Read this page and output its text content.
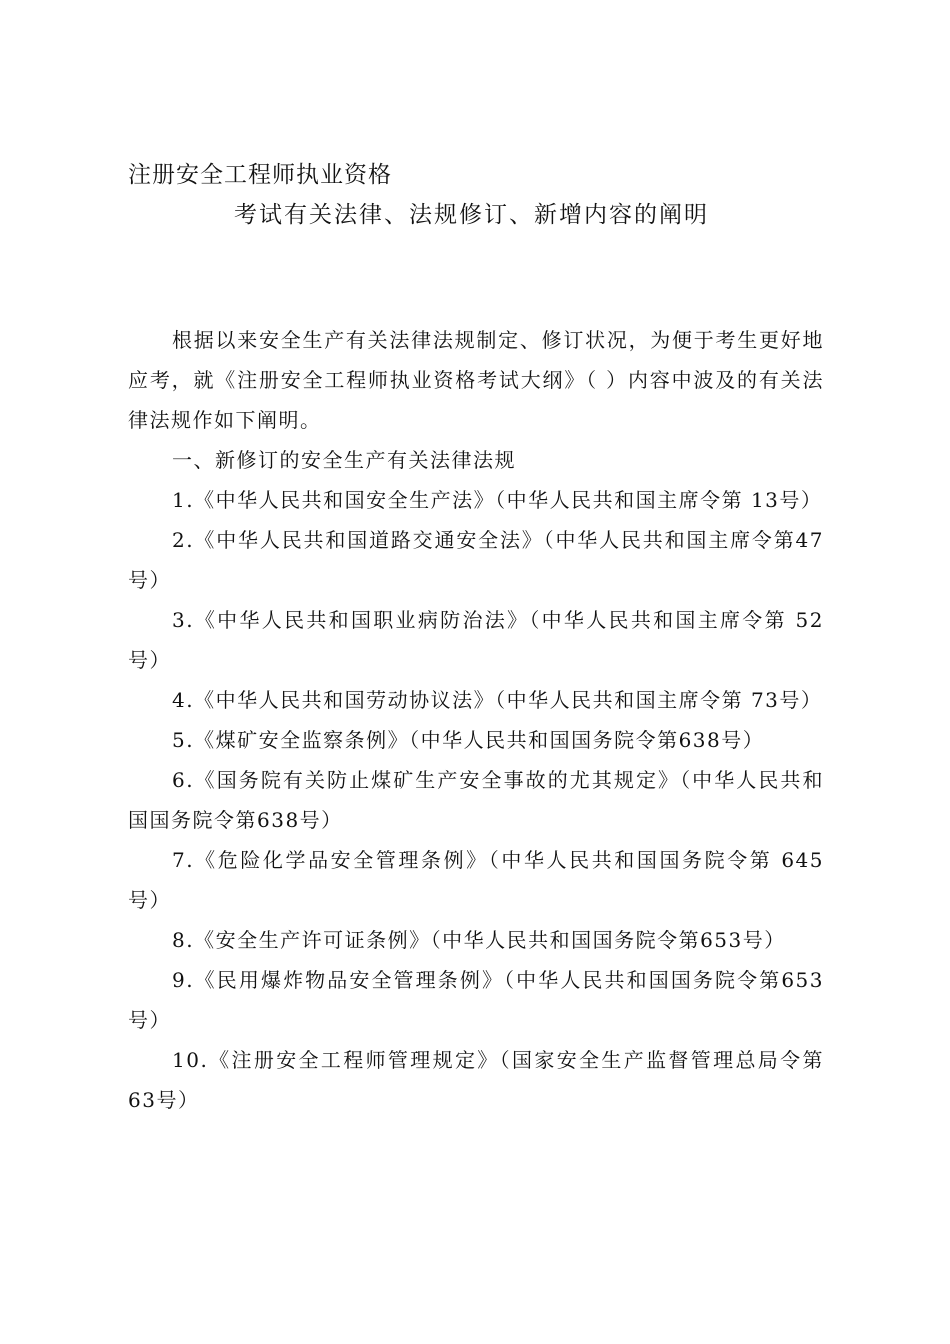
注册安全工程师执业资格
考试有关法律、法规修订、新增内容的阐明

根据以来安全生产有关法律法规制定、修订状况，为便于考生更好地应考，就《注册安全工程师执业资格考试大纲》（ ）内容中波及的有关法律法规作如下阐明。

一、新修订的安全生产有关法律法规

1.《中华人民共和国安全生产法》（中华人民共和国主席令第 13号）

2.《中华人民共和国道路交通安全法》（中华人民共和国主席令第47号）

3.《中华人民共和国职业病防治法》（中华人民共和国主席令第 52号）

4.《中华人民共和国劳动协议法》（中华人民共和国主席令第 73号）

5.《煤矿安全监察条例》（中华人民共和国国务院令第638号）

6.《国务院有关防止煤矿生产安全事故的尤其规定》（中华人民共和国国务院令第638号）

7.《危险化学品安全管理条例》（中华人民共和国国务院令第 645号）

8.《安全生产许可证条例》（中华人民共和国国务院令第653号）

9.《民用爆炸物品安全管理条例》（中华人民共和国国务院令第653号）

10.《注册安全工程师管理规定》（国家安全生产监督管理总局令第63号）
